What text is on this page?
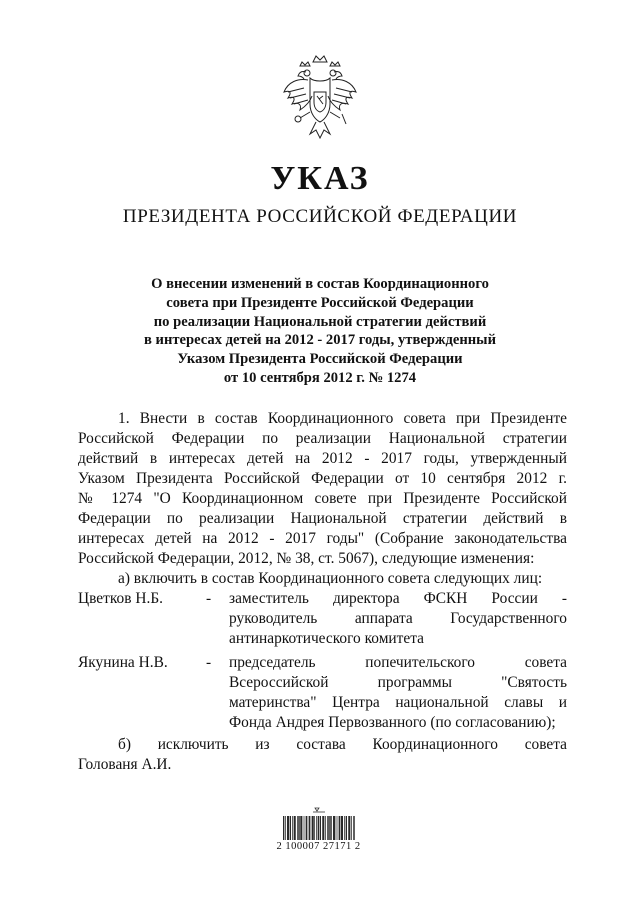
УКАЗ
ПРЕЗИДЕНТА РОССИЙСКОЙ ФЕДЕРАЦИИ
О внесении изменений в состав Координационного
совета при Президенте Российской Федерации
по реализации Национальной стратегии действий
в интересах детей на 2012 - 2017 годы, утвержденный
Указом Президента Российской Федерации
от 10 сентября 2012 г. № 1274
1. Внести в состав Координационного совета при Президенте
Российской Федерации по реализации Национальной стратегии
действий в интересах детей на 2012 - 2017 годы, утвержденный
Указом Президента Российской Федерации от 10 сентября 2012 г.
№ 1274 "О Координационном совете при Президенте Российской
Федерации по реализации Национальной стратегии действий в
интересах детей на 2012 - 2017 годы" (Собрание законодательства
Российской Федерации, 2012, № 38, ст. 5067), следующие изменения:
а) включить в состав Координационного совета следующих лиц:
Цветков Н.Б.	- заместитель директора ФСКН России -
руководитель аппарата Государственного
антинаркотического комитета
Якунина Н.В. - председатель попечительского совета
Всероссийской программы "Святость
материнства" Центра национальной славы и
Фонда Андрея Первозванного (по согласованию);
б) исключить из состава Координационного совета
Голованя А.И.
2 100007 27171 2
